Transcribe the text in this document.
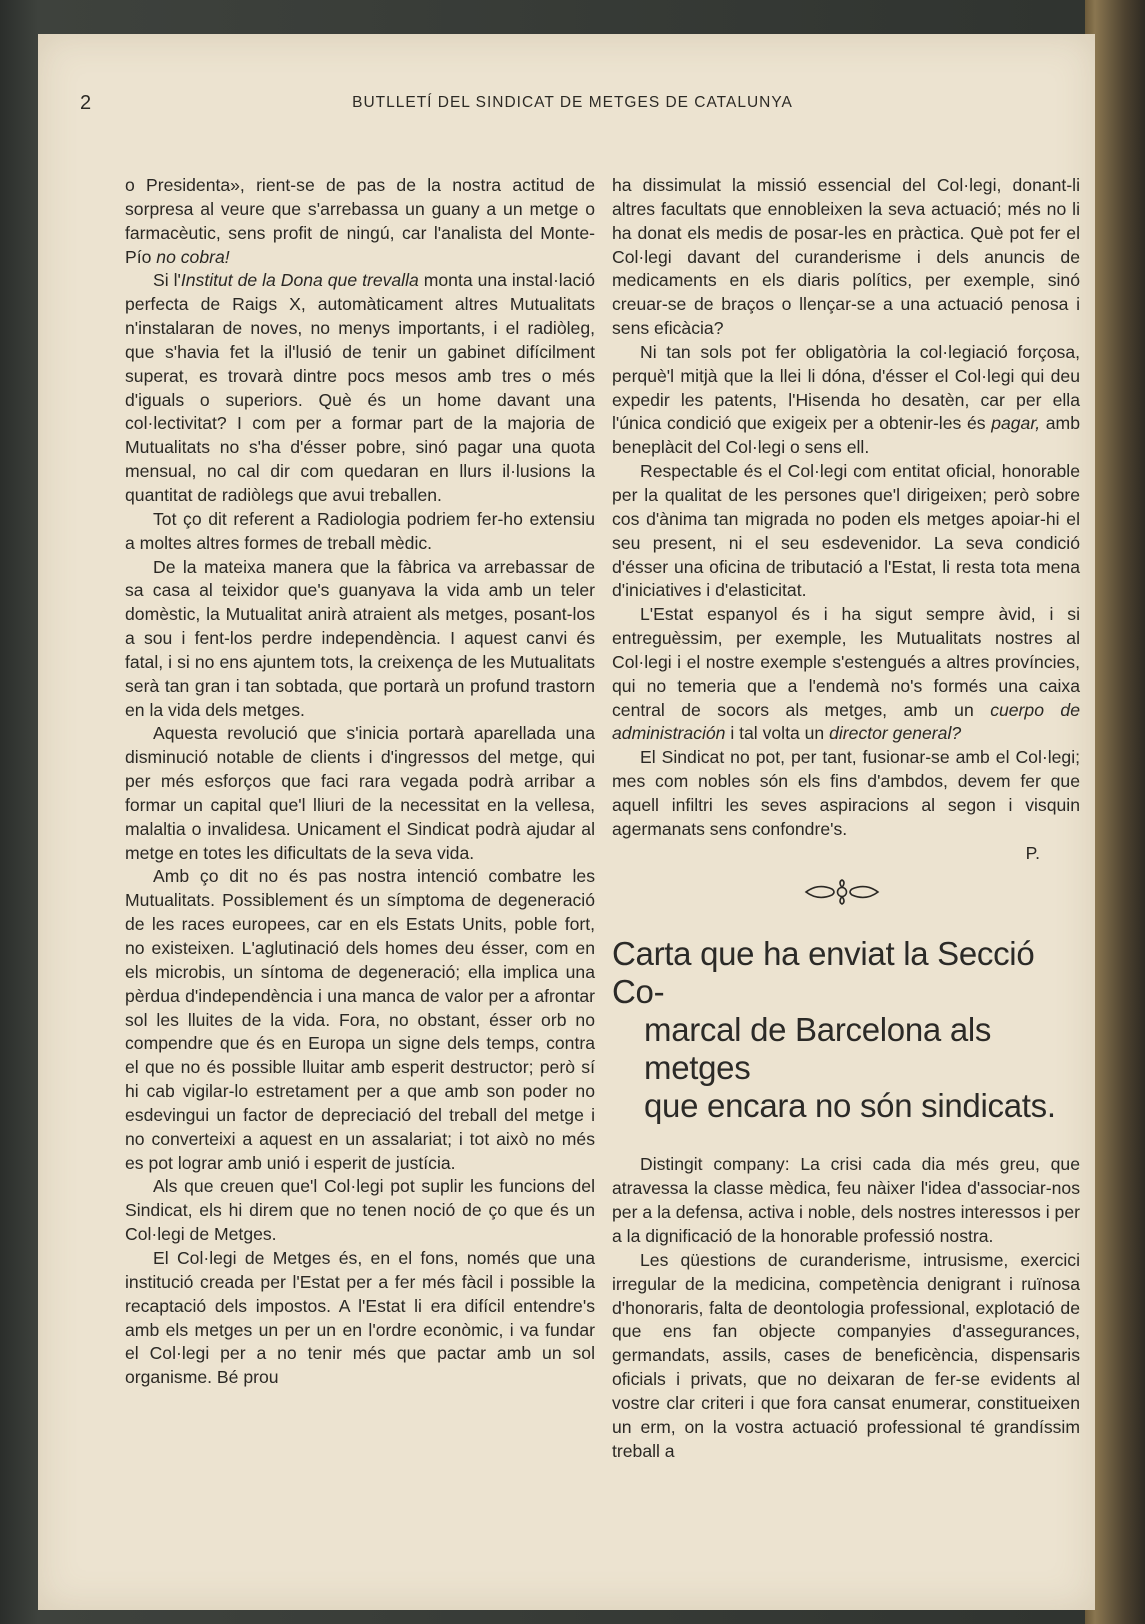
2	BUTLLETÍ DEL SINDICAT DE METGES DE CATALUNYA

o Presidenta», rient-se de pas de la nostra actitud de sorpresa al veure que s'arrebassa un guany a un metge o farmacèutic, sens profit de ningú, car l'analista del Monte-Pío no cobra!

Si l'Institut de la Dona que trevalla monta una instal·lació perfecta de Raigs X, automàticament altres Mutualitats n'instalaran de noves, no menys importants, i el radiòleg, que s'havia fet la il'lusió de tenir un gabinet difícilment superat, es trovarà dintre pocs mesos amb tres o més d'iguals o superiors. Què és un home davant una col·lectivitat? I com per a formar part de la majoria de Mutualitats no s'ha d'ésser pobre, sinó pagar una quota mensual, no cal dir com quedaran en llurs il·lusions la quantitat de radiòlegs que avui treballen.

Tot ço dit referent a Radiologia podriem fer-ho extensiu a moltes altres formes de treball mèdic.

De la mateixa manera que la fàbrica va arrebassar de sa casa al teixidor que's guanyava la vida amb un teler domèstic, la Mutualitat anirà atraient als metges, posant-los a sou i fent-los perdre independència. I aquest canvi és fatal, i si no ens ajuntem tots, la creixença de les Mutualitats serà tan gran i tan sobtada, que portarà un profund trastorn en la vida dels metges.

Aquesta revolució que s'inicia portarà aparellada una disminució notable de clients i d'ingressos del metge, qui per més esforços que faci rara vegada podrà arribar a formar un capital que'l lliuri de la necessitat en la vellesa, malaltia o invalidesa. Unicament el Sindicat podrà ajudar al metge en totes les dificultats de la seva vida.

Amb ço dit no és pas nostra intenció combatre les Mutualitats. Possiblement és un símptoma de degeneració de les races europees, car en els Estats Units, poble fort, no existeixen. L'aglutinació dels homes deu ésser, com en els microbis, un síntoma de degeneració; ella implica una pèrdua d'independència i una manca de valor per a afrontar sol les lluites de la vida. Fora, no obstant, ésser orb no compendre que és en Europa un signe dels temps, contra el que no és possible lluitar amb esperit destructor; però sí hi cab vigilar-lo estretament per a que amb son poder no esdevingui un factor de depreciació del treball del metge i no converteixi a aquest en un assalariat; i tot això no més es pot lograr amb unió i esperit de justícia.

Als que creuen que'l Col·legi pot suplir les funcions del Sindicat, els hi direm que no tenen noció de ço que és un Col·legi de Metges.

El Col·legi de Metges és, en el fons, només que una institució creada per l'Estat per a fer més fàcil i possible la recaptació dels impostos. A l'Estat li era difícil entendre's amb els metges un per un en l'ordre econòmic, i va fundar el Col·legi per a no tenir més que pactar amb un sol organisme. Bé prou

ha dissimulat la missió essencial del Col·legi, donant-li altres facultats que ennobleixen la seva actuació; més no li ha donat els medis de posar-les en pràctica. Què pot fer el Col·legi davant del curanderisme i dels anuncis de medicaments en els diaris polítics, per exemple, sinó creuar-se de braços o llençar-se a una actuació penosa i sens eficàcia?

Ni tan sols pot fer obligatòria la col·legiació forçosa, perquè'l mitjà que la llei li dóna, d'ésser el Col·legi qui deu expedir les patents, l'Hisenda ho desatèn, car per ella l'única condició que exigeix per a obtenir-les és pagar, amb beneplàcit del Col·legi o sens ell.

Respectable és el Col·legi com entitat oficial, honorable per la qualitat de les persones que'l dirigeixen; però sobre cos d'ànima tan migrada no poden els metges apoiar-hi el seu present, ni el seu esdevenidor. La seva condició d'ésser una oficina de tributació a l'Estat, li resta tota mena d'iniciatives i d'elasticitat.

L'Estat espanyol és i ha sigut sempre àvid, i si entreguèssim, per exemple, les Mutualitats nostres al Col·legi i el nostre exemple s'estengués a altres províncies, qui no temeria que a l'endemà no's formés una caixa central de socors als metges, amb un cuerpo de administración i tal volta un director general?

El Sindicat no pot, per tant, fusionar-se amb el Col·legi; mes com nobles són els fins d'ambdos, devem fer que aquell infiltri les seves aspiracions al segon i visquin agermanats sens confondre's.

P.

Carta que ha enviat la Secció Co-
marcal de Barcelona als metges
que encara no són sindicats.

Distingit company: La crisi cada dia més greu, que atravessa la classe mèdica, feu nàixer l'idea d'associar-nos per a la defensa, activa i noble, dels nostres interessos i per a la dignificació de la honorable professió nostra.

Les qüestions de curanderisme, intrusisme, exercici irregular de la medicina, competència denigrant i ruïnosa d'honoraris, falta de deontologia professional, explotació de que ens fan objecte companyies d'assegurances, germandats, assils, cases de beneficència, dispensaris oficials i privats, que no deixaran de fer-se evidents al vostre clar criteri i que fora cansat enumerar, constitueixen un erm, on la vostra actuació professional té grandíssim treball a
